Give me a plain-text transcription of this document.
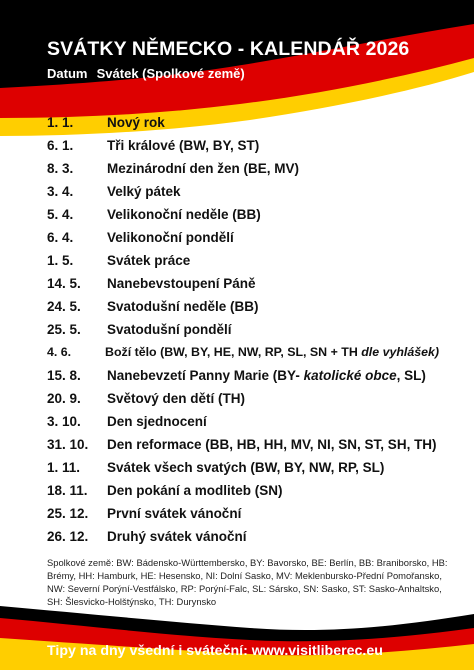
SVÁTKY NĚMECKO - KALENDÁŘ 2026
Datum Svátek (Spolkové země)
1. 1. Nový rok
6. 1. Tři králové (BW, BY, ST)
8. 3. Mezinárodní den žen (BE, MV)
3. 4. Velký pátek
5. 4. Velikonoční neděle (BB)
6. 4. Velikonoční pondělí
1. 5. Svátek práce
14. 5. Nanebevstoupení Páně
24. 5. Svatodušní neděle (BB)
25. 5. Svatodušní pondělí
4. 6.	Boží tělo (BW, BY, HE, NW, RP, SL, SN + TH dle vyhlášek)
15. 8. Nanebevzetí Panny Marie (BY- katolické obce, SL)
20. 9. Světový den dětí (TH)
3. 10. Den sjednocení
31. 10. Den reformace (BB, HB, HH, MV, NI, SN, ST, SH, TH)
1. 11. Svátek všech svatých (BW, BY, NW, RP, SL)
18. 11. Den pokání a modliteb (SN)
25. 12. První svátek vánoční
26. 12. Druhý svátek vánoční
Spolkové země: BW: Bádensko-Württembersko, BY: Bavorsko, BE: Berlín, BB: Braniborsko, HB: Brémy, HH: Hamburk, HE: Hesensko, NI: Dolní Sasko, MV: Meklenbursko-Přední Pomořansko, NW: Severní Porýní-Vestfálsko, RP: Porýní-Falc, SL: Sársko, SN: Sasko, ST: Sasko-Anhaltsko, SH: Šlesvicko-Holštýnsko, TH: Durynsko
Tipy na dny všední i sváteční: www.visitliberec.eu
